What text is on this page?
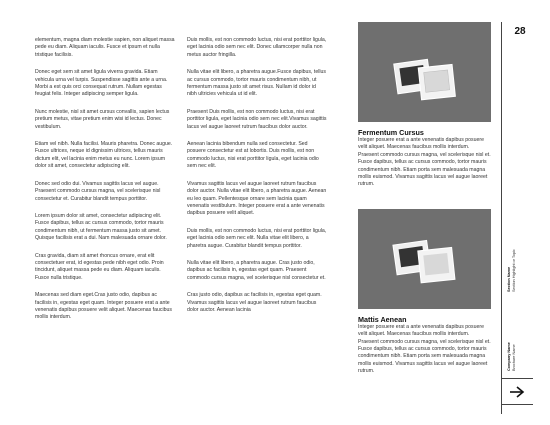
elementum, magna diam molestie sapien, non aliquet massa pede eu diam. Aliquam iaculis. Fusce et ipsum et nulla tristique facilisis.

Donec eget sem sit amet ligula viverra gravida. Etiam vehicula urna vel turpis. Suspendisse sagittis ante a urna. Morbi a est quis orci consequat rutrum. Nullam egestas feugiat felis. Integer adipiscing semper ligula.

Nunc molestie, nisl sit amet cursus convallis, sapien lectus pretium metus, vitae pretium enim wisi id lectus. Donec vestibulum.

Etiam vel nibh. Nulla facilisi. Mauris pharetra. Donec augue. Fusce ultrices, neque id dignissim ultrices, tellus mauris dictum elit, vel lacinia enim metus eu nunc. Lorem ipsum dolor sit amet, consectetur adipiscing elit.

Donec sed odio dui. Vivamus sagittis lacus vel augue. Praesent commodo cursus magna, vel scelerisque nisl consectetur et. Curabitur blandit tempus porttitor.

Lorem ipsum dolor sit amet, consectetur adipiscing elit. Fusce dapibus, tellus ac cursus commodo, tortor mauris condimentum nibh, ut fermentum massa justo sit amet. Quisque facilisis erat a dui. Nam malesuada ornare dolor.

Cras gravida, diam sit amet rhoncus ornare, erat elit consectetuer erat, id egestas pede nibh eget odio. Proin tincidunt, aliquet massa pede eu diam. Aliquam iaculis. Fusce nulla tristique.

Maecenas sed diam eget.Cras justo odio, dapibus ac facilisis in, egestas eget quam. Integer posuere erat a ante venenatis dapibus posuere velit aliquet. Maecenas faucibus mollis interdum.

Duis mollis, est non commodo luctus, nisi erat porttitor ligula, eget lacinia odio sem nec elit. Donec ullamcorper nulla non metus auctor fringilla.

Nulla vitae elit libero, a pharetra augue.Fusce dapibus, tellus ac cursus commodo, tortor mauris condimentum nibh, ut fermentum massa justo sit amet risus. Nullam id dolor id nibh ultricies vehicula ut id elit.

Praesent Duis mollis, est non commodo luctus, nisi erat porttitor ligula, eget lacinia odio sem nec elit.Vivamus sagittis lacus vel augue laoreet rutrum faucibus dolor auctor.

Aenean lacinia bibendum nulla sed consectetur. Sed posuere consectetur est at lobortis. Duis mollis, est non commodo luctus, nisi erat porttitor ligula, eget lacinia odio sem nec elit.

Vivamus sagittis lacus vel augue laoreet rutrum faucibus dolor auctor. Nulla vitae elit libero, a pharetra augue. Aenean eu leo quam. Pellentesque ornare sem lacinia quam venenatis vestibulum. Integer posuere erat a ante venenatis dapibus posuere velit aliquet.

Duis mollis, est non commodo luctus, nisi erat porttitor ligula, eget lacinia odio sem nec elit. Nulla vitae elit libero, a pharetra augue. Curabitur blandit tempus porttitor.

Nulla vitae elit libero, a pharetra augue. Cras justo odio, dapibus ac facilisis in, egestas eget quam. Praesent commodo cursus magna, vel scelerisque nisl consectetur et.

Cras justo odio, dapibus ac facilisis in, egestas eget quam. Vivamus sagittis lacus vel augue laoreet rutrum faucibus dolor auctor. Aenean lacinia

Fermentum Cursus

Integer posuere erat a ante venenatis dapibus posuere velit aliquet. Maecenas faucibus mollis interdum. Praesent commodo cursus magna, vel scelerisque nisl et. Fusce dapibus, tellus ac cursus commodo, tortor mauris condimentum nibh. Etiam porta sem malesuada magna mollis euismod. Vivamus sagittis lacus vel augue laoreet rutrum.

Mattis Aenean

Integer posuere erat a ante venenatis dapibus posuere velit aliquet. Maecenas faucibus mollis interdum. Praesent commodo cursus magna, vel scelerisque nisl et. Fusce dapibus, tellus ac cursus commodo, tortor mauris condimentum nibh. Etiam porta sem malesuada magna mollis euismod. Vivamus sagittis lacus vel augue laoreet rutrum.

28
Section Name Section Highlight or Topic
Company Name Brochure Name
